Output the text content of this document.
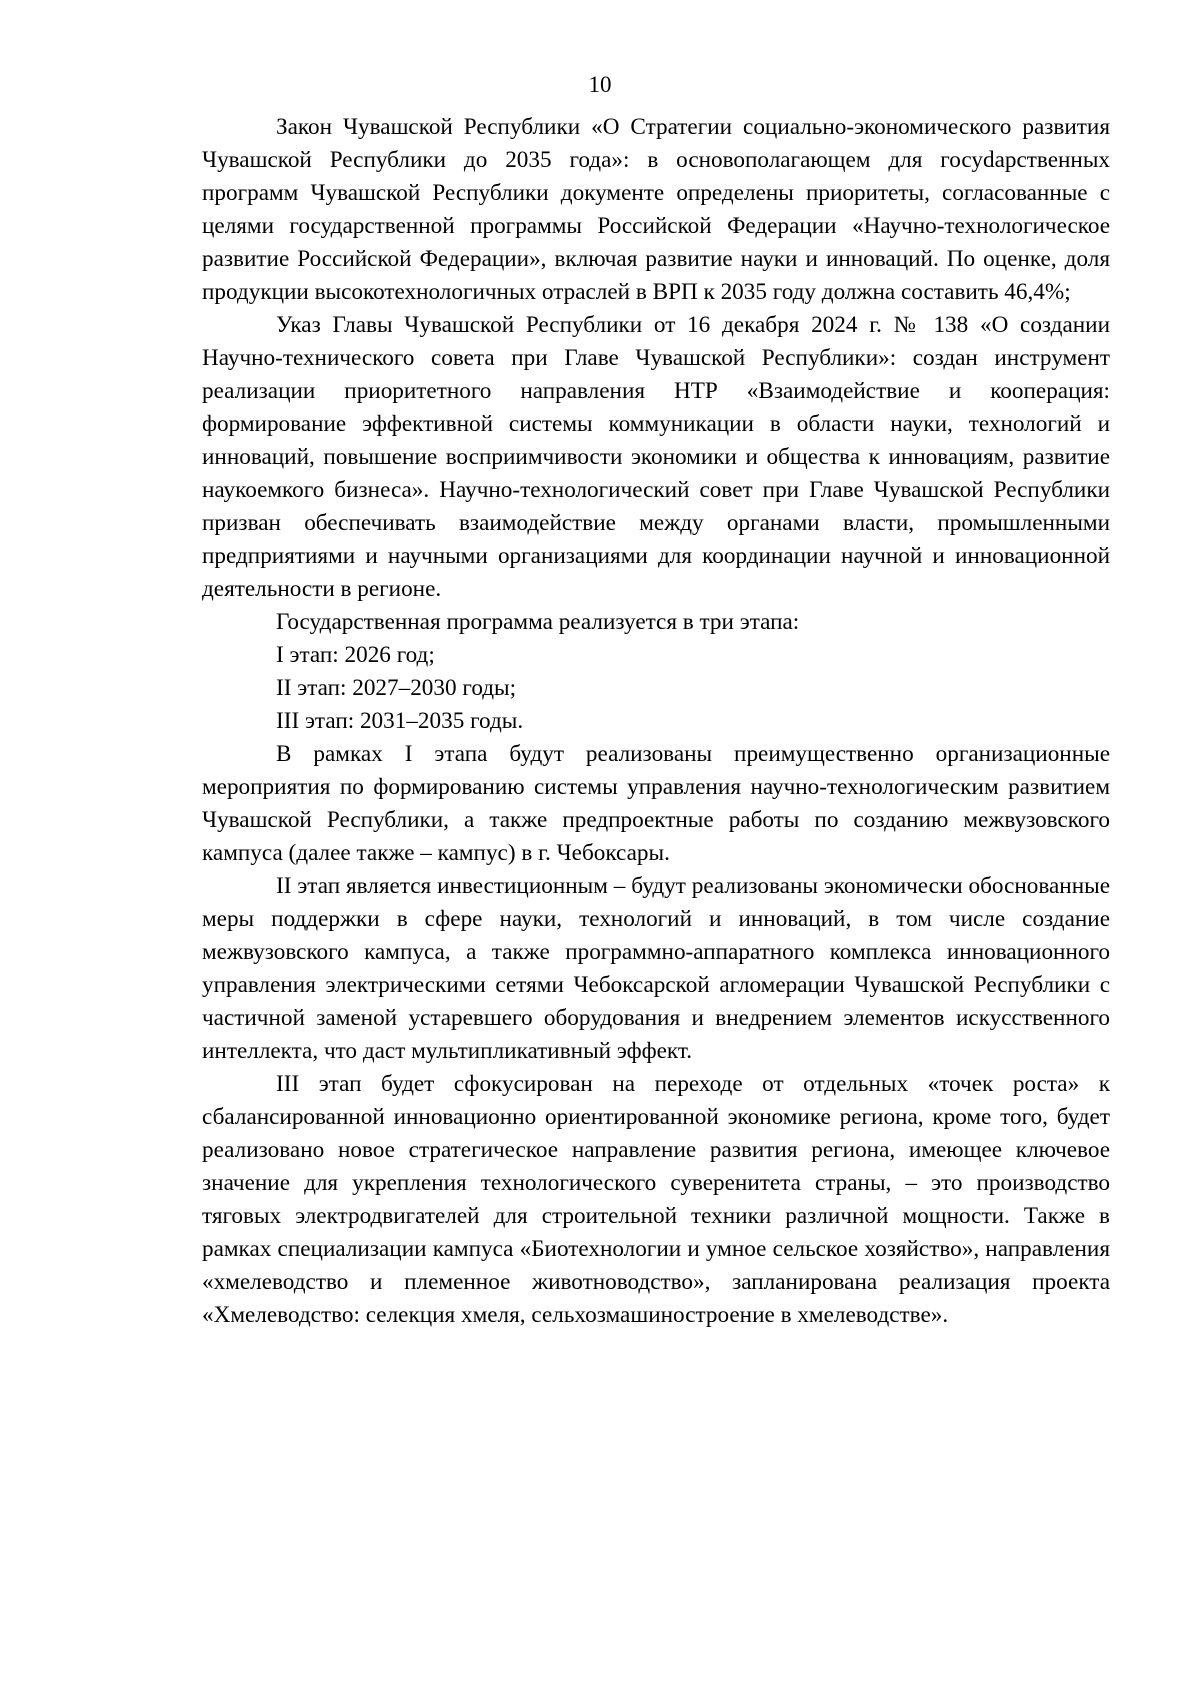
10

Закон Чувашской Республики «О Стратегии социально-экономического развития Чувашской Республики до 2035 года»: в основополагающем для госуdарственных программ Чувашской Республики документе определены приоритеты, согласованные с целями государственной программы Российской Федерации «Научно-технологическое развитие Российской Федерации», включая развитие науки и инноваций. По оценке, доля продукции высокотехнологичных отраслей в ВРП к 2035 году должна составить 46,4%;

Указ Главы Чувашской Республики от 16 декабря 2024 г. № 138 «О создании Научно-технического совета при Главе Чувашской Республики»: создан инструмент реализации приоритетного направления НТР «Взаимодействие и кооперация: формирование эффективной системы коммуникации в области науки, технологий и инноваций, повышение восприимчивости экономики и общества к инновациям, развитие наукоемкого бизнеса». Научно-технологический совет при Главе Чувашской Республики призван обеспечивать взаимодействие между органами власти, промышленными предприятиями и научными организациями для координации научной и инновационной деятельности в регионе.

Государственная программа реализуется в три этапа:

I этап: 2026 год;

II этап: 2027–2030 годы;

III этап: 2031–2035 годы.

В рамках I этапа будут реализованы преимущественно организационные мероприятия по формированию системы управления научно-технологическим развитием Чувашской Республики, а также предпроектные работы по созданию межвузовского кампуса (далее также – кампус) в г. Чебоксары.

II этап является инвестиционным – будут реализованы экономически обоснованные меры поддержки в сфере науки, технологий и инноваций, в том числе создание межвузовского кампуса, а также программно-аппаратного комплекса инновационного управления электрическими сетями Чебоксарской агломерации Чувашской Республики с частичной заменой устаревшего оборудования и внедрением элементов искусственного интеллекта, что даст мультипликативный эффект.

III этап будет сфокусирован на переходе от отдельных «точек роста» к сбалансированной инновационно ориентированной экономике региона, кроме того, будет реализовано новое стратегическое направление развития региона, имеющее ключевое значение для укрепления технологического суверенитета страны, – это производство тяговых электродвигателей для строительной техники различной мощности. Также в рамках специализации кампуса «Биотехнологии и умное сельское хозяйство», направления «хмелеводство и племенное животноводство», запланирована реализация проекта «Хмелеводство: селекция хмеля, сельхозмашиностроение в хмелеводстве».
